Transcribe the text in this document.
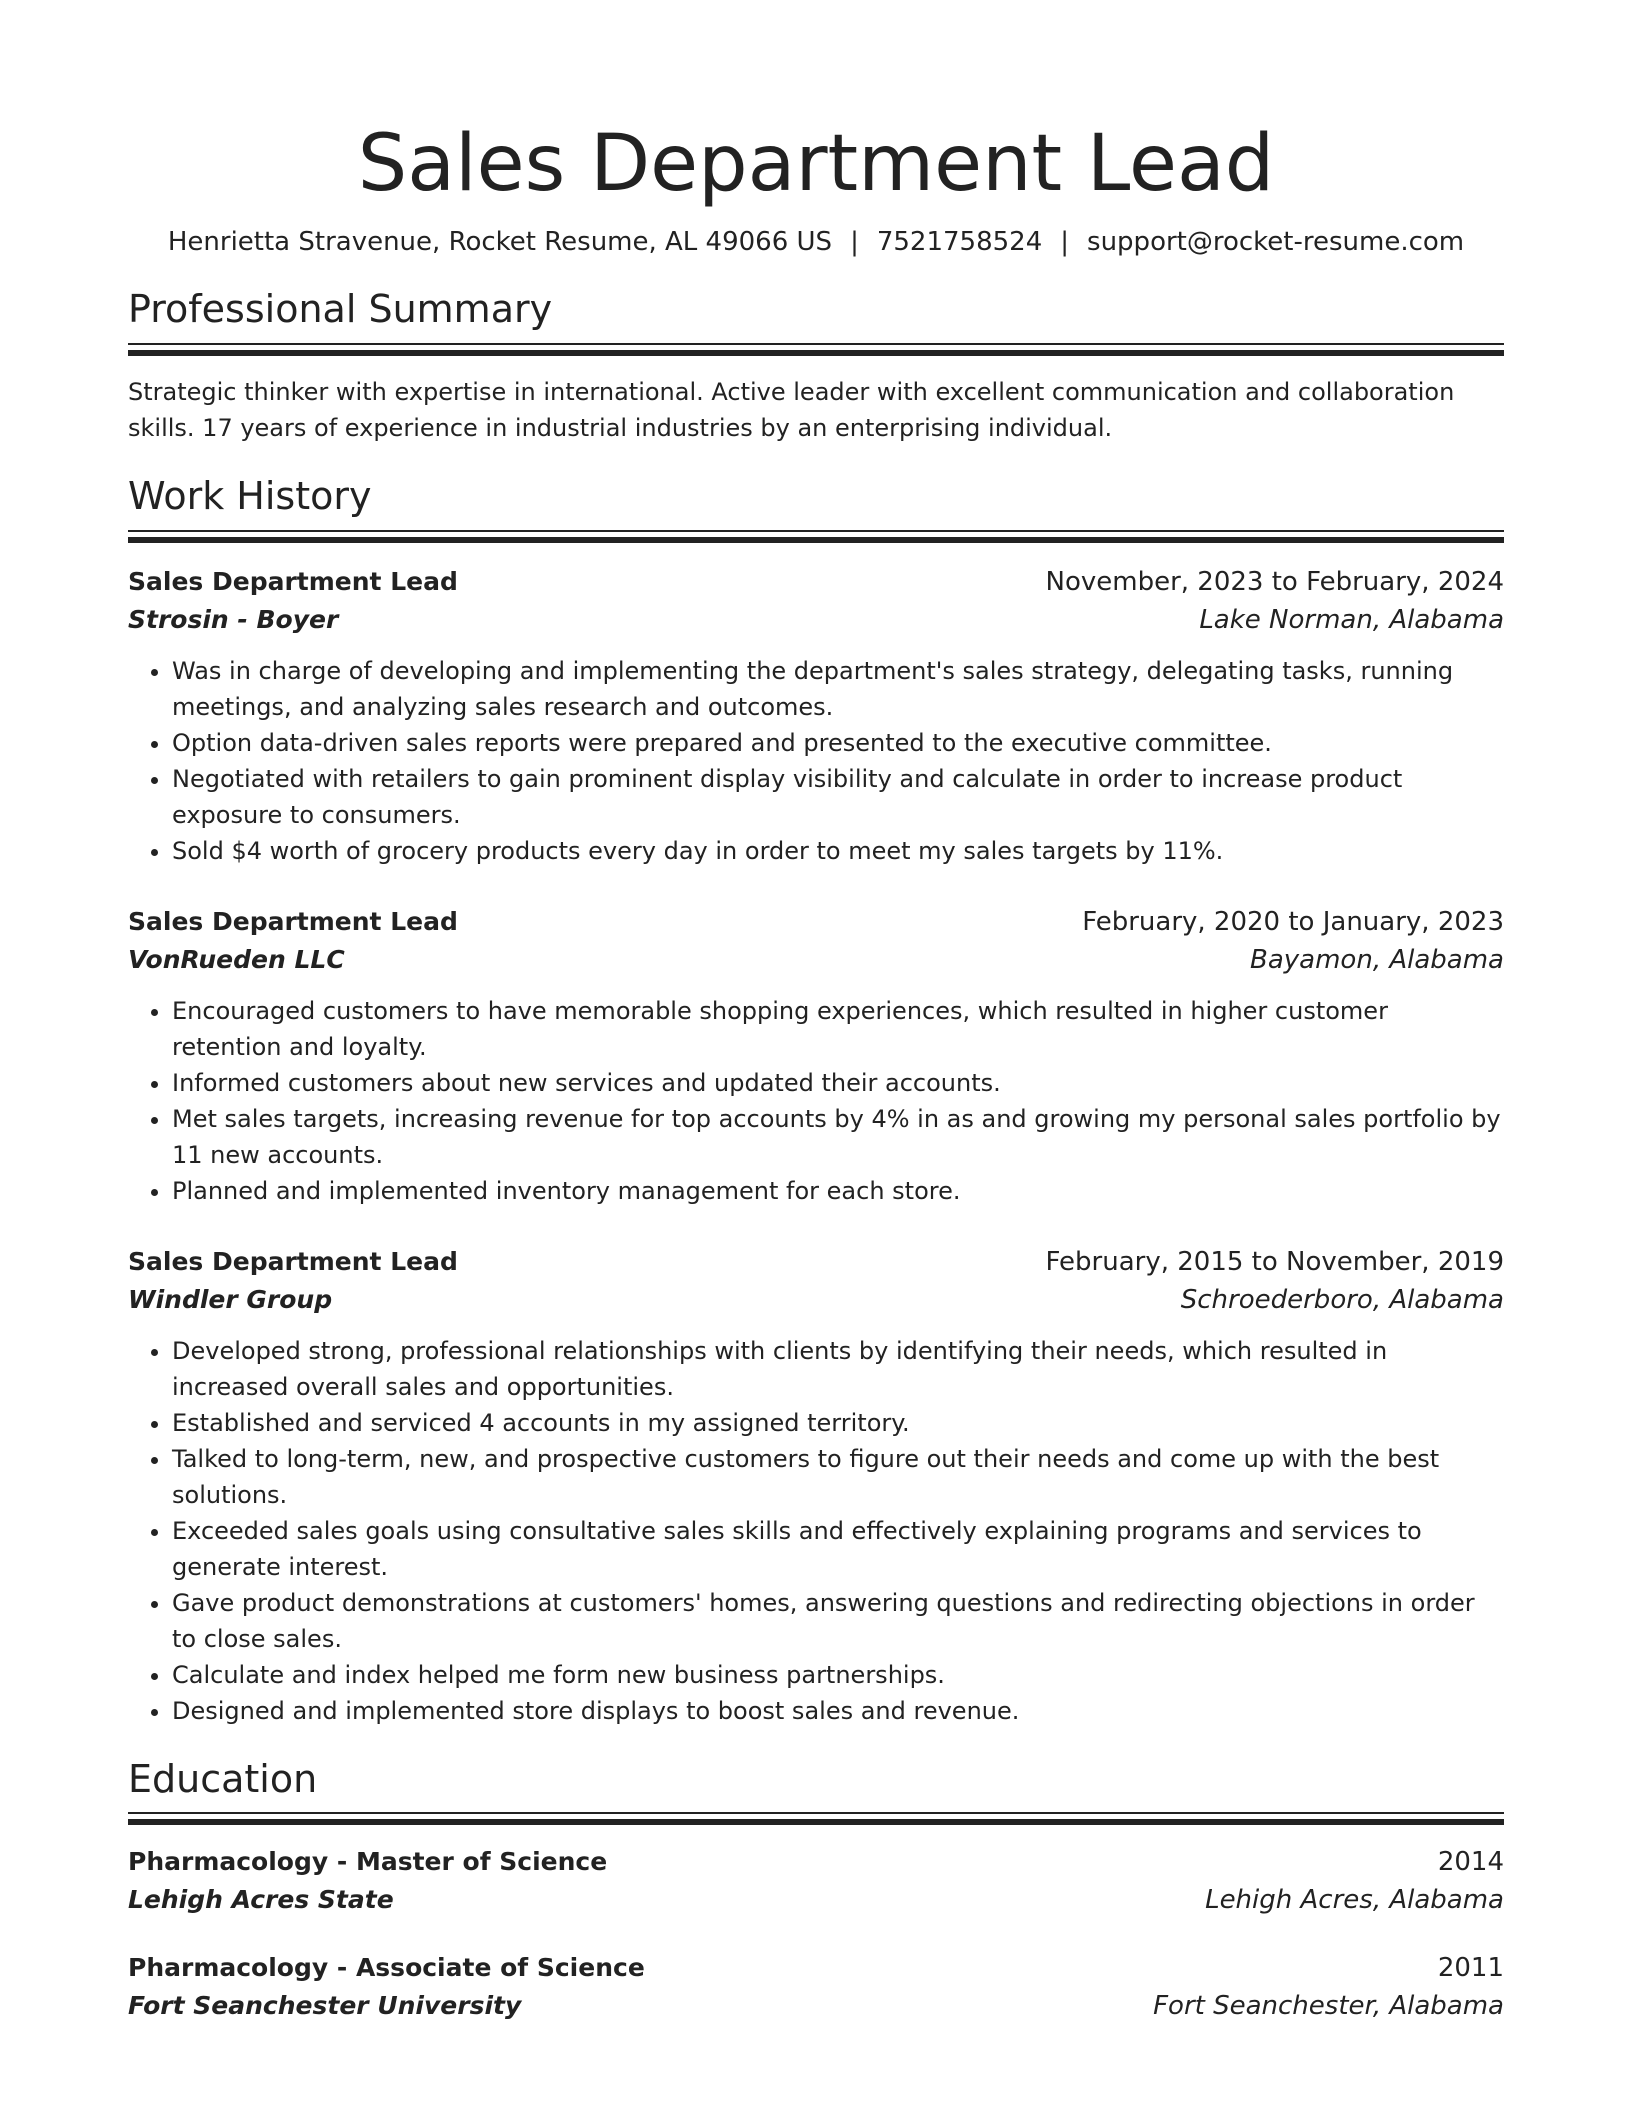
Sales Department Lead
Henrietta Stravenue, Rocket Resume, AL 49066 US | 7521758524 | support@rocket-resume.com
Professional Summary
Strategic thinker with expertise in international. Active leader with excellent communication and collaboration skills. 17 years of experience in industrial industries by an enterprising individual.
Work History
Sales Department Lead	November, 2023 to February, 2024
Strosin - Boyer	Lake Norman, Alabama
• Was in charge of developing and implementing the department's sales strategy, delegating tasks, running meetings, and analyzing sales research and outcomes.
• Option data-driven sales reports were prepared and presented to the executive committee.
• Negotiated with retailers to gain prominent display visibility and calculate in order to increase product exposure to consumers.
• Sold $4 worth of grocery products every day in order to meet my sales targets by 11%.
Sales Department Lead	February, 2020 to January, 2023
VonRueden LLC	Bayamon, Alabama
• Encouraged customers to have memorable shopping experiences, which resulted in higher customer retention and loyalty.
• Informed customers about new services and updated their accounts.
• Met sales targets, increasing revenue for top accounts by 4% in as and growing my personal sales portfolio by 11 new accounts.
• Planned and implemented inventory management for each store.
Sales Department Lead	February, 2015 to November, 2019
Windler Group	Schroederboro, Alabama
• Developed strong, professional relationships with clients by identifying their needs, which resulted in increased overall sales and opportunities.
• Established and serviced 4 accounts in my assigned territory.
• Talked to long-term, new, and prospective customers to figure out their needs and come up with the best solutions.
• Exceeded sales goals using consultative sales skills and effectively explaining programs and services to generate interest.
• Gave product demonstrations at customers' homes, answering questions and redirecting objections in order to close sales.
• Calculate and index helped me form new business partnerships.
• Designed and implemented store displays to boost sales and revenue.
Education
Pharmacology - Master of Science	2014
Lehigh Acres State	Lehigh Acres, Alabama
Pharmacology - Associate of Science	2011
Fort Seanchester University	Fort Seanchester, Alabama
